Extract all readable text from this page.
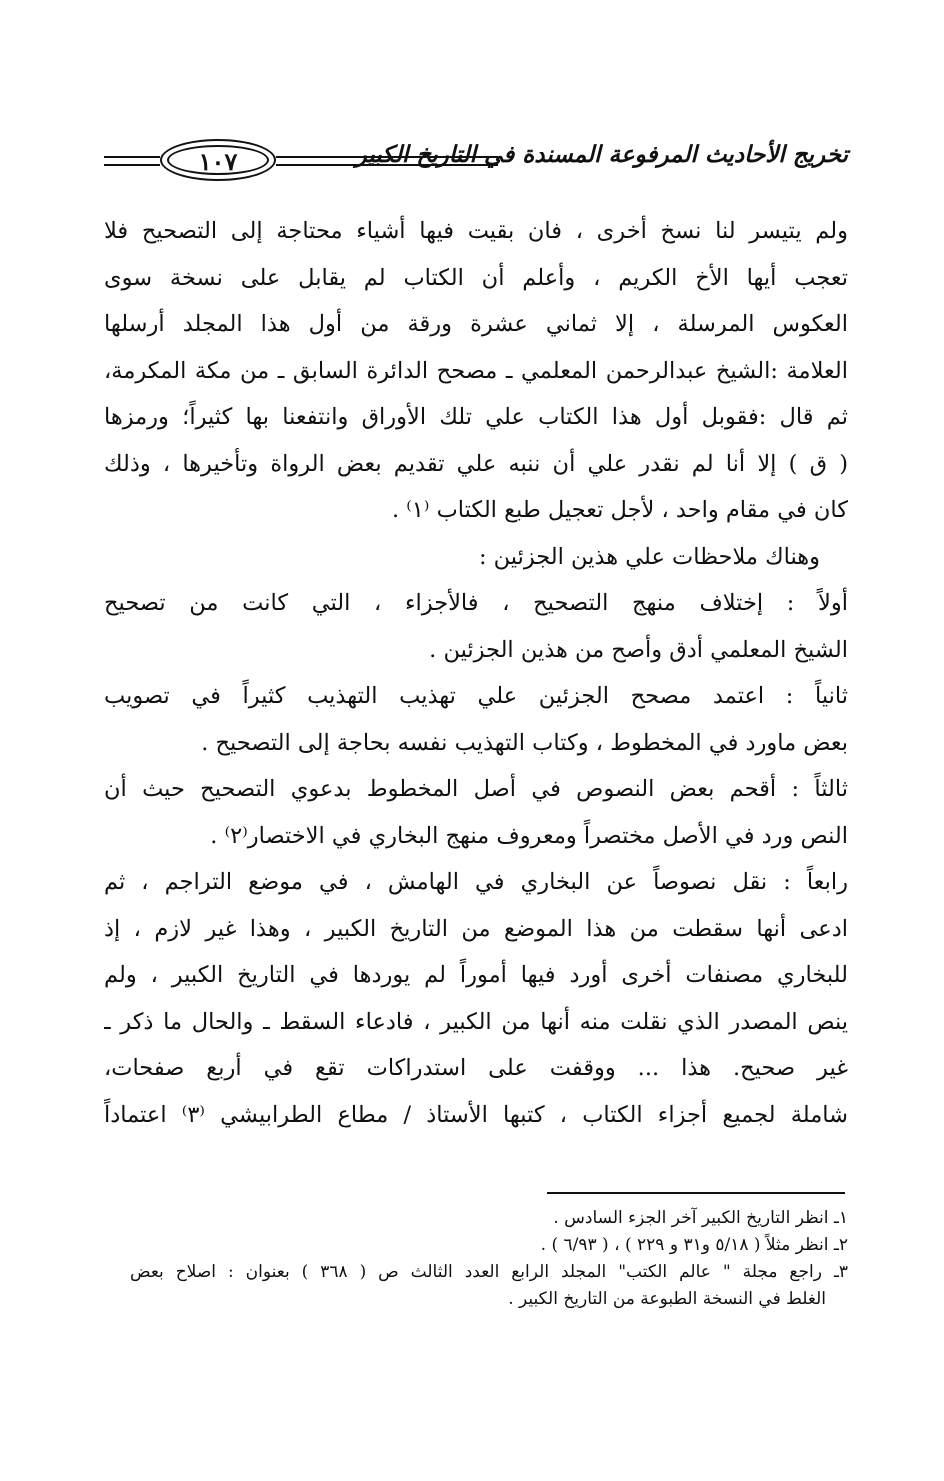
١٠٧	تخريج الأحاديث المرفوعة المسندة في التاريخ الكبير
ولم يتيسر لنا نسخ أخرى ، فان بقيت فيها أشياء محتاجة إلى التصحيح فلا
تعجب أيها الأخ الكريم ، وأعلم أن الكتاب لم يقابل على نسخة سوى
العكوس المرسلة ، إلا ثماني عشرة ورقة من أول هذا المجلد أرسلها
العلامة :الشيخ عبدالرحمن المعلمي ـ مصحح الدائرة السابق ـ من مكة المكرمة،
ثم قال :فقوبل أول هذا الكتاب علي تلك الأوراق وانتفعنا بها كثيراً؛ ورمزها
( ق ) إلا أنا لم نقدر علي أن ننبه علي تقديم بعض الرواة وتأخيرها ، وذلك
كان في مقام واحد ، لأجل تعجيل طبع الكتاب ⁽١⁾ .
وهناك ملاحظات علي هذين الجزئين :
أولاً : إختلاف منهج التصحيح ، فالأجزاء ، التي كانت من تصحيح
الشيخ المعلمي أدق وأصح من هذين الجزئين .
ثانياً : اعتمد مصحح الجزئين علي تهذيب التهذيب كثيراً في تصويب
بعض ماورد في المخطوط ، وكتاب التهذيب نفسه بحاجة إلى التصحيح .
ثالثاً : أقحم بعض النصوص في أصل المخطوط بدعوي التصحيح حيث أن
النص ورد في الأصل مختصراً ومعروف منهج البخاري في الاختصار⁽٢⁾ .
رابعاً : نقل نصوصاً عن البخاري في الهامش ، في موضع التراجم ، ثم
ادعى أنها سقطت من هذا الموضع من التاريخ الكبير ، وهذا غير لازم ، إذ
للبخاري مصنفات أخرى أورد فيها أموراً لم يوردها في التاريخ الكبير ، ولم
ينص المصدر الذي نقلت منه أنها من الكبير ، فادعاء السقط ـ والحال ما ذكر ـ
غير صحيح. هذا ... ووقفت على استدراكات تقع في أربع صفحات،
شاملة لجميع أجزاء الكتاب ، كتبها الأستاذ / مطاع الطرابيشي ⁽٣⁾ اعتماداً
١ـ انظر التاريخ الكبير آخر الجزء السادس .
٢ـ انظر مثلاً ( ٥/١٨ و٣١ و ٢٢٩ ) ، ( ٦/٩٣ ) .
٣ـ راجع مجلة " عالم الكتب" المجلد الرابع العدد الثالث ص ( ٣٦٨ ) بعنوان : اصلاح بعض
الغلط في النسخة الطبوعة من التاريخ الكبير .
